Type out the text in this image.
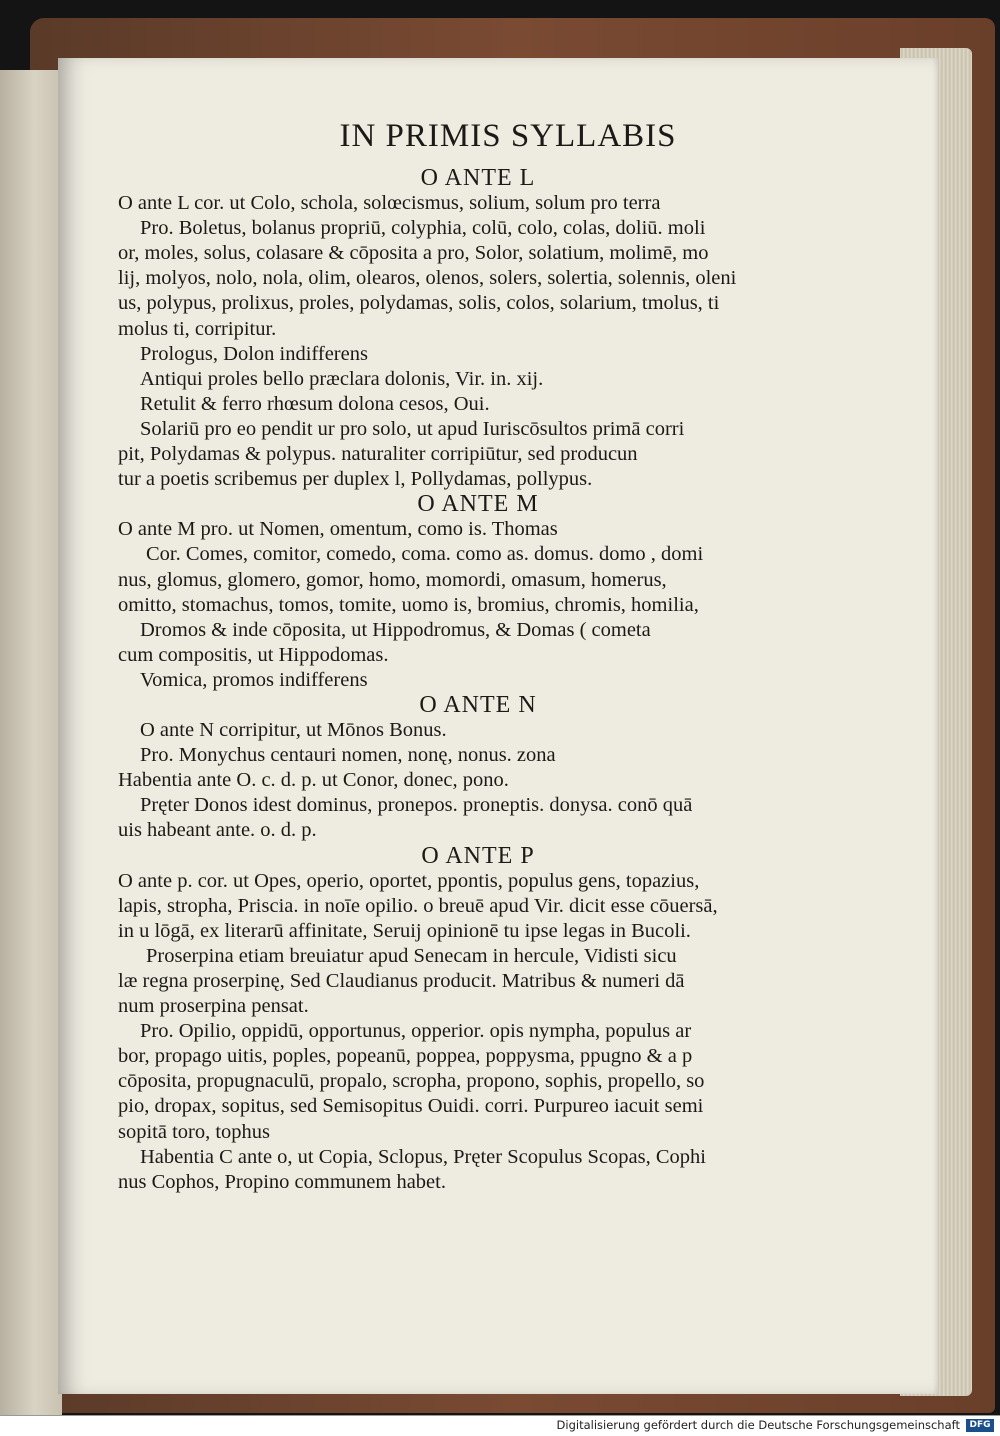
IN PRIMIS SYLLABIS
O ANTE L
O ante L cor. ut Colo, schola, solœcismus, solium, solum pro terra
Pro. Boletus, bolanus propriū, colyphia, colū, colo, colas, doliū. moli
or, moles, solus, colasare & cōposita a pro, Solor, solatium, molimē, mo
lij, molyos, nolo, nola, olim, olearos, olenos, solers, solertia, solennis, oleni
us, polypus, prolixus, proles, polydamas, solis, colos, solarium, tmolus, ti
molus ti, corripitur.
Prologus, Dolon indifferens
Antiqui proles bello præclara dolonis, Vir. in. xij.
Retulit & ferro rhœsum dolona cesos, Oui.
Solariū pro eo pendit ur pro solo, ut apud Iuriscōsultos primā corri
pit, Polydamas & polypus. naturaliter corripiūtur, sed producun
tur a poetis scribemus per duplex l, Pollydamas, pollypus.
O ANTE M
O ante M pro. ut Nomen, omentum, como is. Thomas
Cor. Comes, comitor, comedo, coma. como as. domus. domo , domi
nus, glomus, glomero, gomor, homo, momordi, omasum, homerus,
omitto, stomachus, tomos, tomite, uomo is, bromius, chromis, homilia,
Dromos & inde cōposita, ut Hippodromus, & Domas ( cometa
cum compositis, ut Hippodomas.
Vomica, promos indifferens
O ANTE N
O ante N corripitur, ut Mōnos Bonus.
Pro. Monychus centauri nomen, nonę, nonus. zona
Habentia ante O. c. d. p. ut Conor, donec, pono.
Pręter Donos idest dominus, pronepos. proneptis. donysa. conō quā
uis habeant ante. o. d. p.
O ANTE P
O ante p. cor. ut Opes, operio, oportet, ppontis, populus gens, topazius,
lapis, stropha, Priscia. in noīe opilio. o breuē apud Vir. dicit esse cōuersā,
in u lōgā, ex literarū affinitate, Seruij opinionē tu ipse legas in Bucoli.
Proserpina etiam breuiatur apud Senecam in hercule, Vidisti sicu
læ regna proserpinę, Sed Claudianus producit. Matribus & numeri dā
num proserpina pensat.
Pro. Opilio, oppidū, opportunus, opperior. opis nympha, populus ar
bor, propago uitis, poples, popeanū, poppea, poppysma, ppugno & a p
cōposita, propugnaculū, propalo, scropha, propono, sophis, propello, so
pio, dropax, sopitus, sed Semisopitus Ouidi. corri. Purpureo iacuit semi
sopitā toro, tophus
Habentia C ante o, ut Copia, Sclopus, Pręter Scopulus Scopas, Cophi
nus Cophos, Propino communem habet.
Digitalisierung gefördert durch die Deutsche Forschungsgemeinschaft	DFG
